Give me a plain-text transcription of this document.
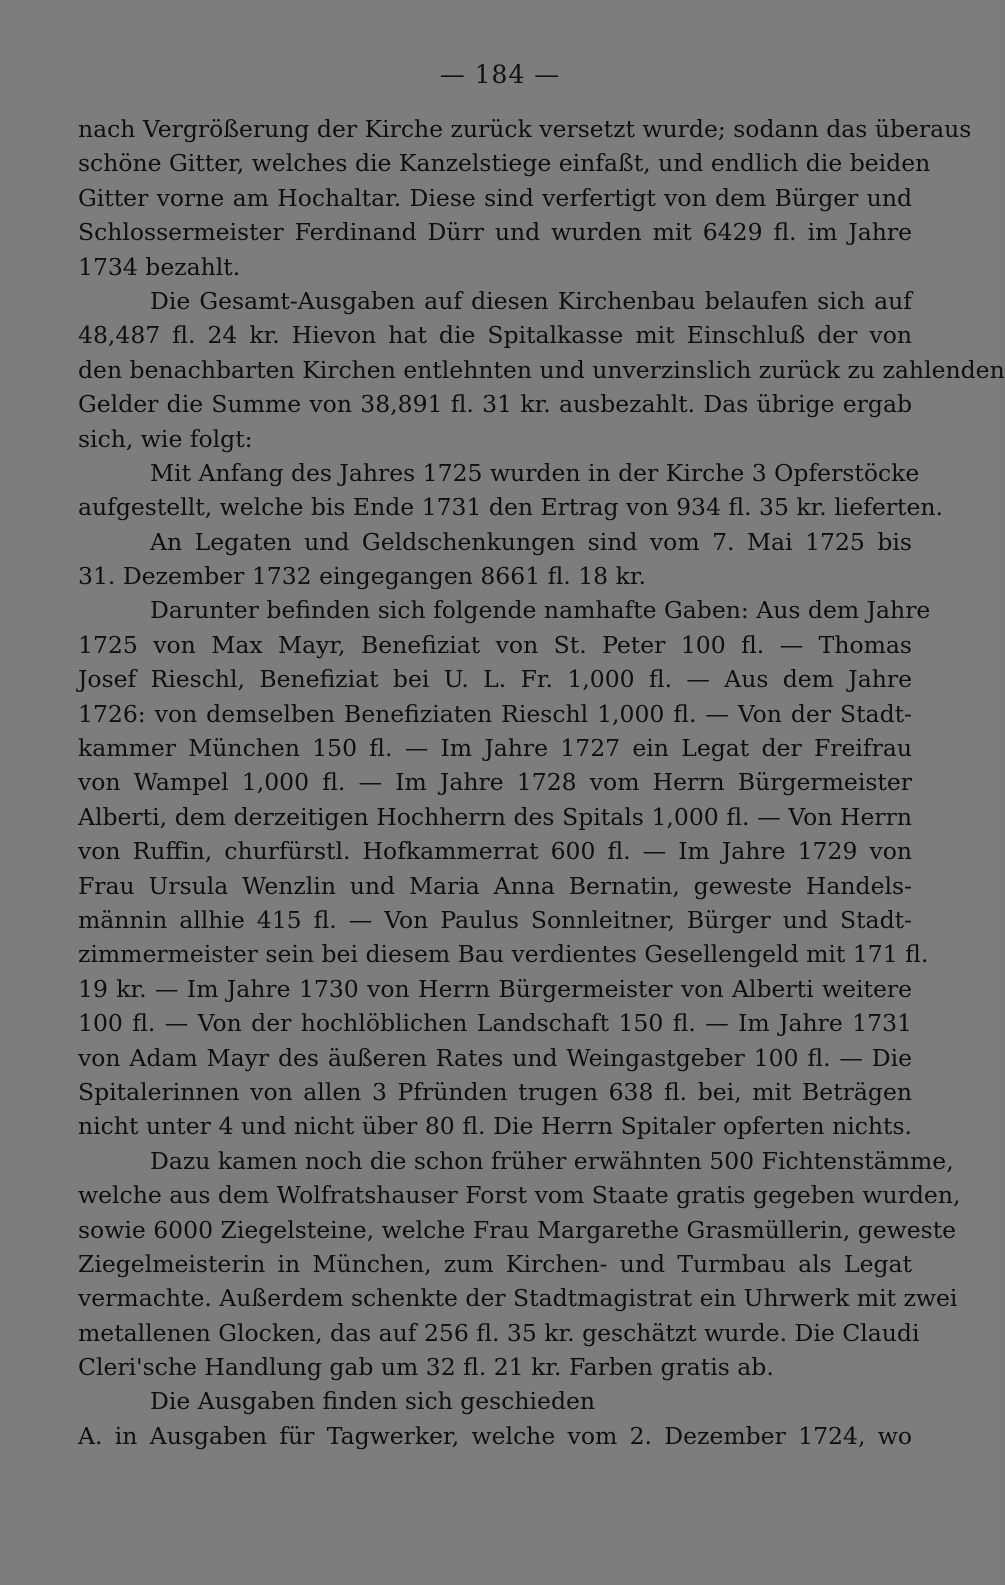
— 184 —
nach Vergrößerung der Kirche zurück versetzt wurde; sodann das überaus
schöne Gitter, welches die Kanzelstiege einfaßt, und endlich die beiden
Gitter vorne am Hochaltar. Diese sind verfertigt von dem Bürger und
Schlossermeister Ferdinand Dürr und wurden mit 6429 fl. im Jahre
1734 bezahlt.
Die Gesamt-Ausgaben auf diesen Kirchenbau belaufen sich auf
48,487 fl. 24 kr. Hievon hat die Spitalkasse mit Einschluß der von
den benachbarten Kirchen entlehnten und unverzinslich zurück zu zahlenden
Gelder die Summe von 38,891 fl. 31 kr. ausbezahlt. Das übrige ergab
sich, wie folgt:
Mit Anfang des Jahres 1725 wurden in der Kirche 3 Opferstöcke
aufgestellt, welche bis Ende 1731 den Ertrag von 934 fl. 35 kr. lieferten.
An Legaten und Geldschenkungen sind vom 7. Mai 1725 bis
31. Dezember 1732 eingegangen 8661 fl. 18 kr.
Darunter befinden sich folgende namhafte Gaben: Aus dem Jahre
1725 von Max Mayr, Benefiziat von St. Peter 100 fl. — Thomas
Josef Rieschl, Benefiziat bei U. L. Fr. 1,000 fl. — Aus dem Jahre
1726: von demselben Benefiziaten Rieschl 1,000 fl. — Von der Stadt-
kammer München 150 fl. — Im Jahre 1727 ein Legat der Freifrau
von Wampel 1,000 fl. — Im Jahre 1728 vom Herrn Bürgermeister
Alberti, dem derzeitigen Hochherrn des Spitals 1,000 fl. — Von Herrn
von Ruffin, churfürstl. Hofkammerrat 600 fl. — Im Jahre 1729 von
Frau Ursula Wenzlin und Maria Anna Bernatin, geweste Handels-
männin allhie 415 fl. — Von Paulus Sonnleitner, Bürger und Stadt-
zimmermeister sein bei diesem Bau verdientes Gesellengeld mit 171 fl.
19 kr. — Im Jahre 1730 von Herrn Bürgermeister von Alberti weitere
100 fl. — Von der hochlöblichen Landschaft 150 fl. — Im Jahre 1731
von Adam Mayr des äußeren Rates und Weingastgeber 100 fl. — Die
Spitalerinnen von allen 3 Pfründen trugen 638 fl. bei, mit Beträgen
nicht unter 4 und nicht über 80 fl. Die Herrn Spitaler opferten nichts.
Dazu kamen noch die schon früher erwähnten 500 Fichtenstämme,
welche aus dem Wolfratshauser Forst vom Staate gratis gegeben wurden,
sowie 6000 Ziegelsteine, welche Frau Margarethe Grasmüllerin, geweste
Ziegelmeisterin in München, zum Kirchen- und Turmbau als Legat
vermachte. Außerdem schenkte der Stadtmagistrat ein Uhrwerk mit zwei
metallenen Glocken, das auf 256 fl. 35 kr. geschätzt wurde. Die Claudi
Cleri'sche Handlung gab um 32 fl. 21 kr. Farben gratis ab.
Die Ausgaben finden sich geschieden
A. in Ausgaben für Tagwerker, welche vom 2. Dezember 1724, wo
